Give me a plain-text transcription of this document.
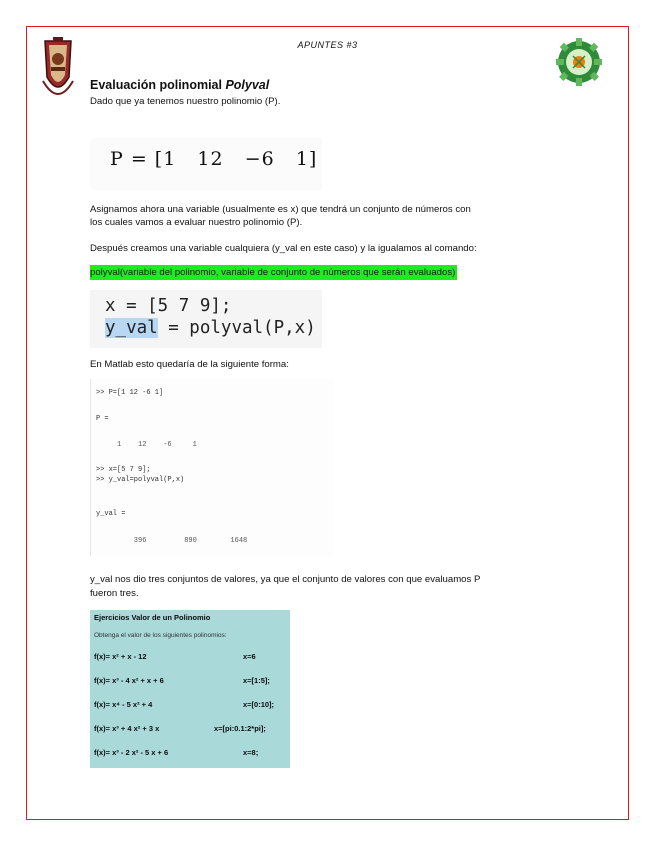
APUNTES #3
Evaluación polinomial Polyval
Dado que ya tenemos nuestro polinomio (P).
P = [1   12   −6   1]
Asignamos ahora una variable (usualmente es x) que tendrá un conjunto de números con
los cuales vamos a evaluar nuestro polinomio (P).
Después creamos una variable cualquiera (y_val en este caso) y la igualamos al comando:
polyval(variable del polinomio, variable de conjunto de números que serán evaluados)
x = [5 7 9];
y_val = polyval(P,x)
En Matlab esto quedaría de la siguiente forma:
>> P=[1 12 -6 1]
P =
1    12    -6     1
>> x=[5 7 9];
>> y_val=polyval(P,x)
y_val =
396         890        1648
y_val nos dio tres conjuntos de valores, ya que el conjunto de valores con que evaluamos P
fueron tres.
Ejercicios Valor de un Polinomio
Obtenga el valor de los siguientes polinomios:
f(x)= x² + x - 12	x=6
f(x)= x³ - 4 x² + x + 6	x=[1:5];
f(x)= x⁴ - 5 x² + 4	x=[0:10];
f(x)= x³ + 4 x² + 3 x	x=[pi:0.1:2*pi];
f(x)= x³ - 2 x² - 5 x + 6	x=8;
